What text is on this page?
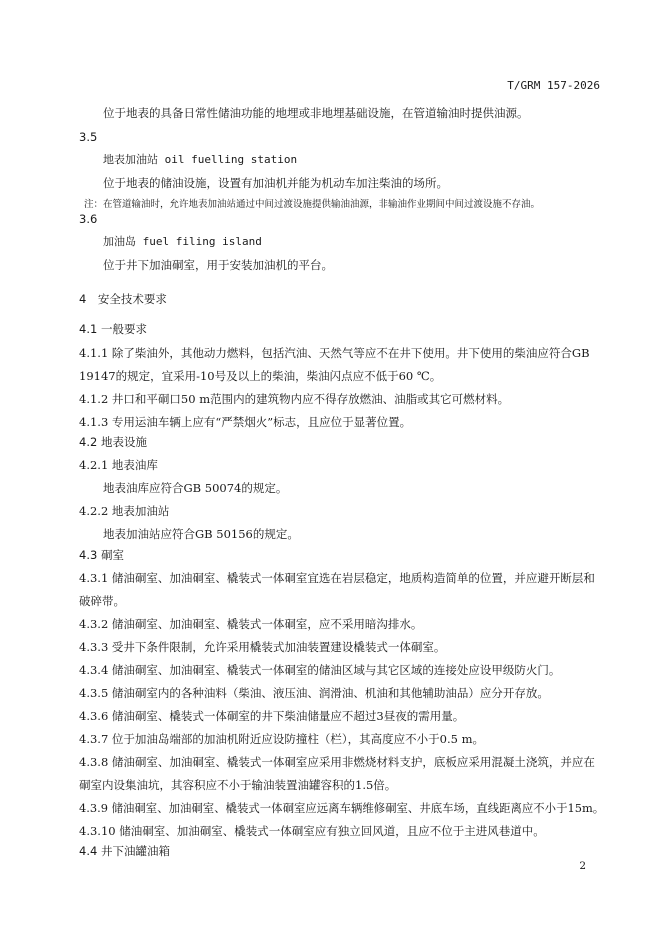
T/GRM 157-2026
位于地表的具备日常性储油功能的地埋或非地埋基础设施，在管道输油时提供油源。
3.5
地表加油站 oil fuelling station
位于地表的储油设施，设置有加油机并能为机动车加注柴油的场所。
注：在管道输油时，允许地表加油站通过中间过渡设施提供输油油源，非输油作业期间中间过渡设施不存油。
3.6
加油岛 fuel filing island
位于井下加油硐室，用于安装加油机的平台。
4　安全技术要求
4.1 一般要求
4.1.1 除了柴油外，其他动力燃料，包括汽油、天然气等应不在井下使用。井下使用的柴油应符合GB
19147的规定，宜采用-10号及以上的柴油，柴油闪点应不低于60 ℃。
4.1.2 井口和平硐口50 m范围内的建筑物内应不得存放燃油、油脂或其它可燃材料。
4.1.3 专用运油车辆上应有“严禁烟火”标志，且应位于显著位置。
4.2 地表设施
4.2.1 地表油库
地表油库应符合GB 50074的规定。
4.2.2 地表加油站
地表加油站应符合GB 50156的规定。
4.3 硐室
4.3.1 储油硐室、加油硐室、橇装式一体硐室宜选在岩层稳定，地质构造简单的位置，并应避开断层和
破碎带。
4.3.2 储油硐室、加油硐室、橇装式一体硐室，应不采用暗沟排水。
4.3.3 受井下条件限制，允许采用橇装式加油装置建设橇装式一体硐室。
4.3.4 储油硐室、加油硐室、橇装式一体硐室的储油区域与其它区域的连接处应设甲级防火门。
4.3.5 储油硐室内的各种油料（柴油、液压油、润滑油、机油和其他辅助油品）应分开存放。
4.3.6 储油硐室、橇装式一体硐室的井下柴油储量应不超过3昼夜的需用量。
4.3.7 位于加油岛端部的加油机附近应设防撞柱（栏），其高度应不小于0.5 m。
4.3.8 储油硐室、加油硐室、橇装式一体硐室应采用非燃烧材料支护，底板应采用混凝土浇筑，并应在
硐室内设集油坑，其容积应不小于输油装置油罐容积的1.5倍。
4.3.9 储油硐室、加油硐室、橇装式一体硐室应远离车辆维修硐室、井底车场，直线距离应不小于15m。
4.3.10 储油硐室、加油硐室、橇装式一体硐室应有独立回风道，且应不位于主进风巷道中。
4.4 井下油罐油箱
2
